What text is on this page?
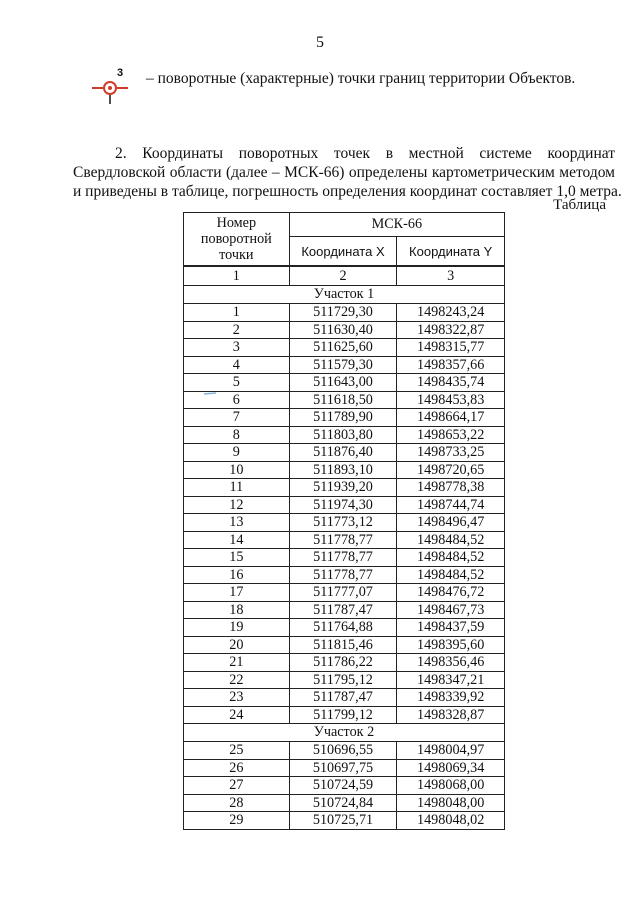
5
3 – поворотные (характерные) точки границ территории Объектов.
2. Координаты поворотных точек в местной системе координат
Свердловской области (далее – МСК-66) определены картометрическим методом
и приведены в таблице, погрешность определения координат составляет 1,0 метра.
Таблица
Номер поворотной точки	МСК-66	
	Координата X	Координата Y
1	2	3
Участок 1		
1	511729,30	1498243,24
2	511630,40	1498322,87
3	511625,60	1498315,77
4	511579,30	1498357,66
5	511643,00	1498435,74
6	511618,50	1498453,83
7	511789,90	1498664,17
8	511803,80	1498653,22
9	511876,40	1498733,25
10	511893,10	1498720,65
11	511939,20	1498778,38
12	511974,30	1498744,74
13	511773,12	1498496,47
14	511778,77	1498484,52
15	511778,77	1498484,52
16	511778,77	1498484,52
17	511777,07	1498476,72
18	511787,47	1498467,73
19	511764,88	1498437,59
20	511815,46	1498395,60
21	511786,22	1498356,46
22	511795,12	1498347,21
23	511787,47	1498339,92
24	511799,12	1498328,87
Участок 2		
25	510696,55	1498004,97
26	510697,75	1498069,34
27	510724,59	1498068,00
28	510724,84	1498048,00
29	510725,71	1498048,02
